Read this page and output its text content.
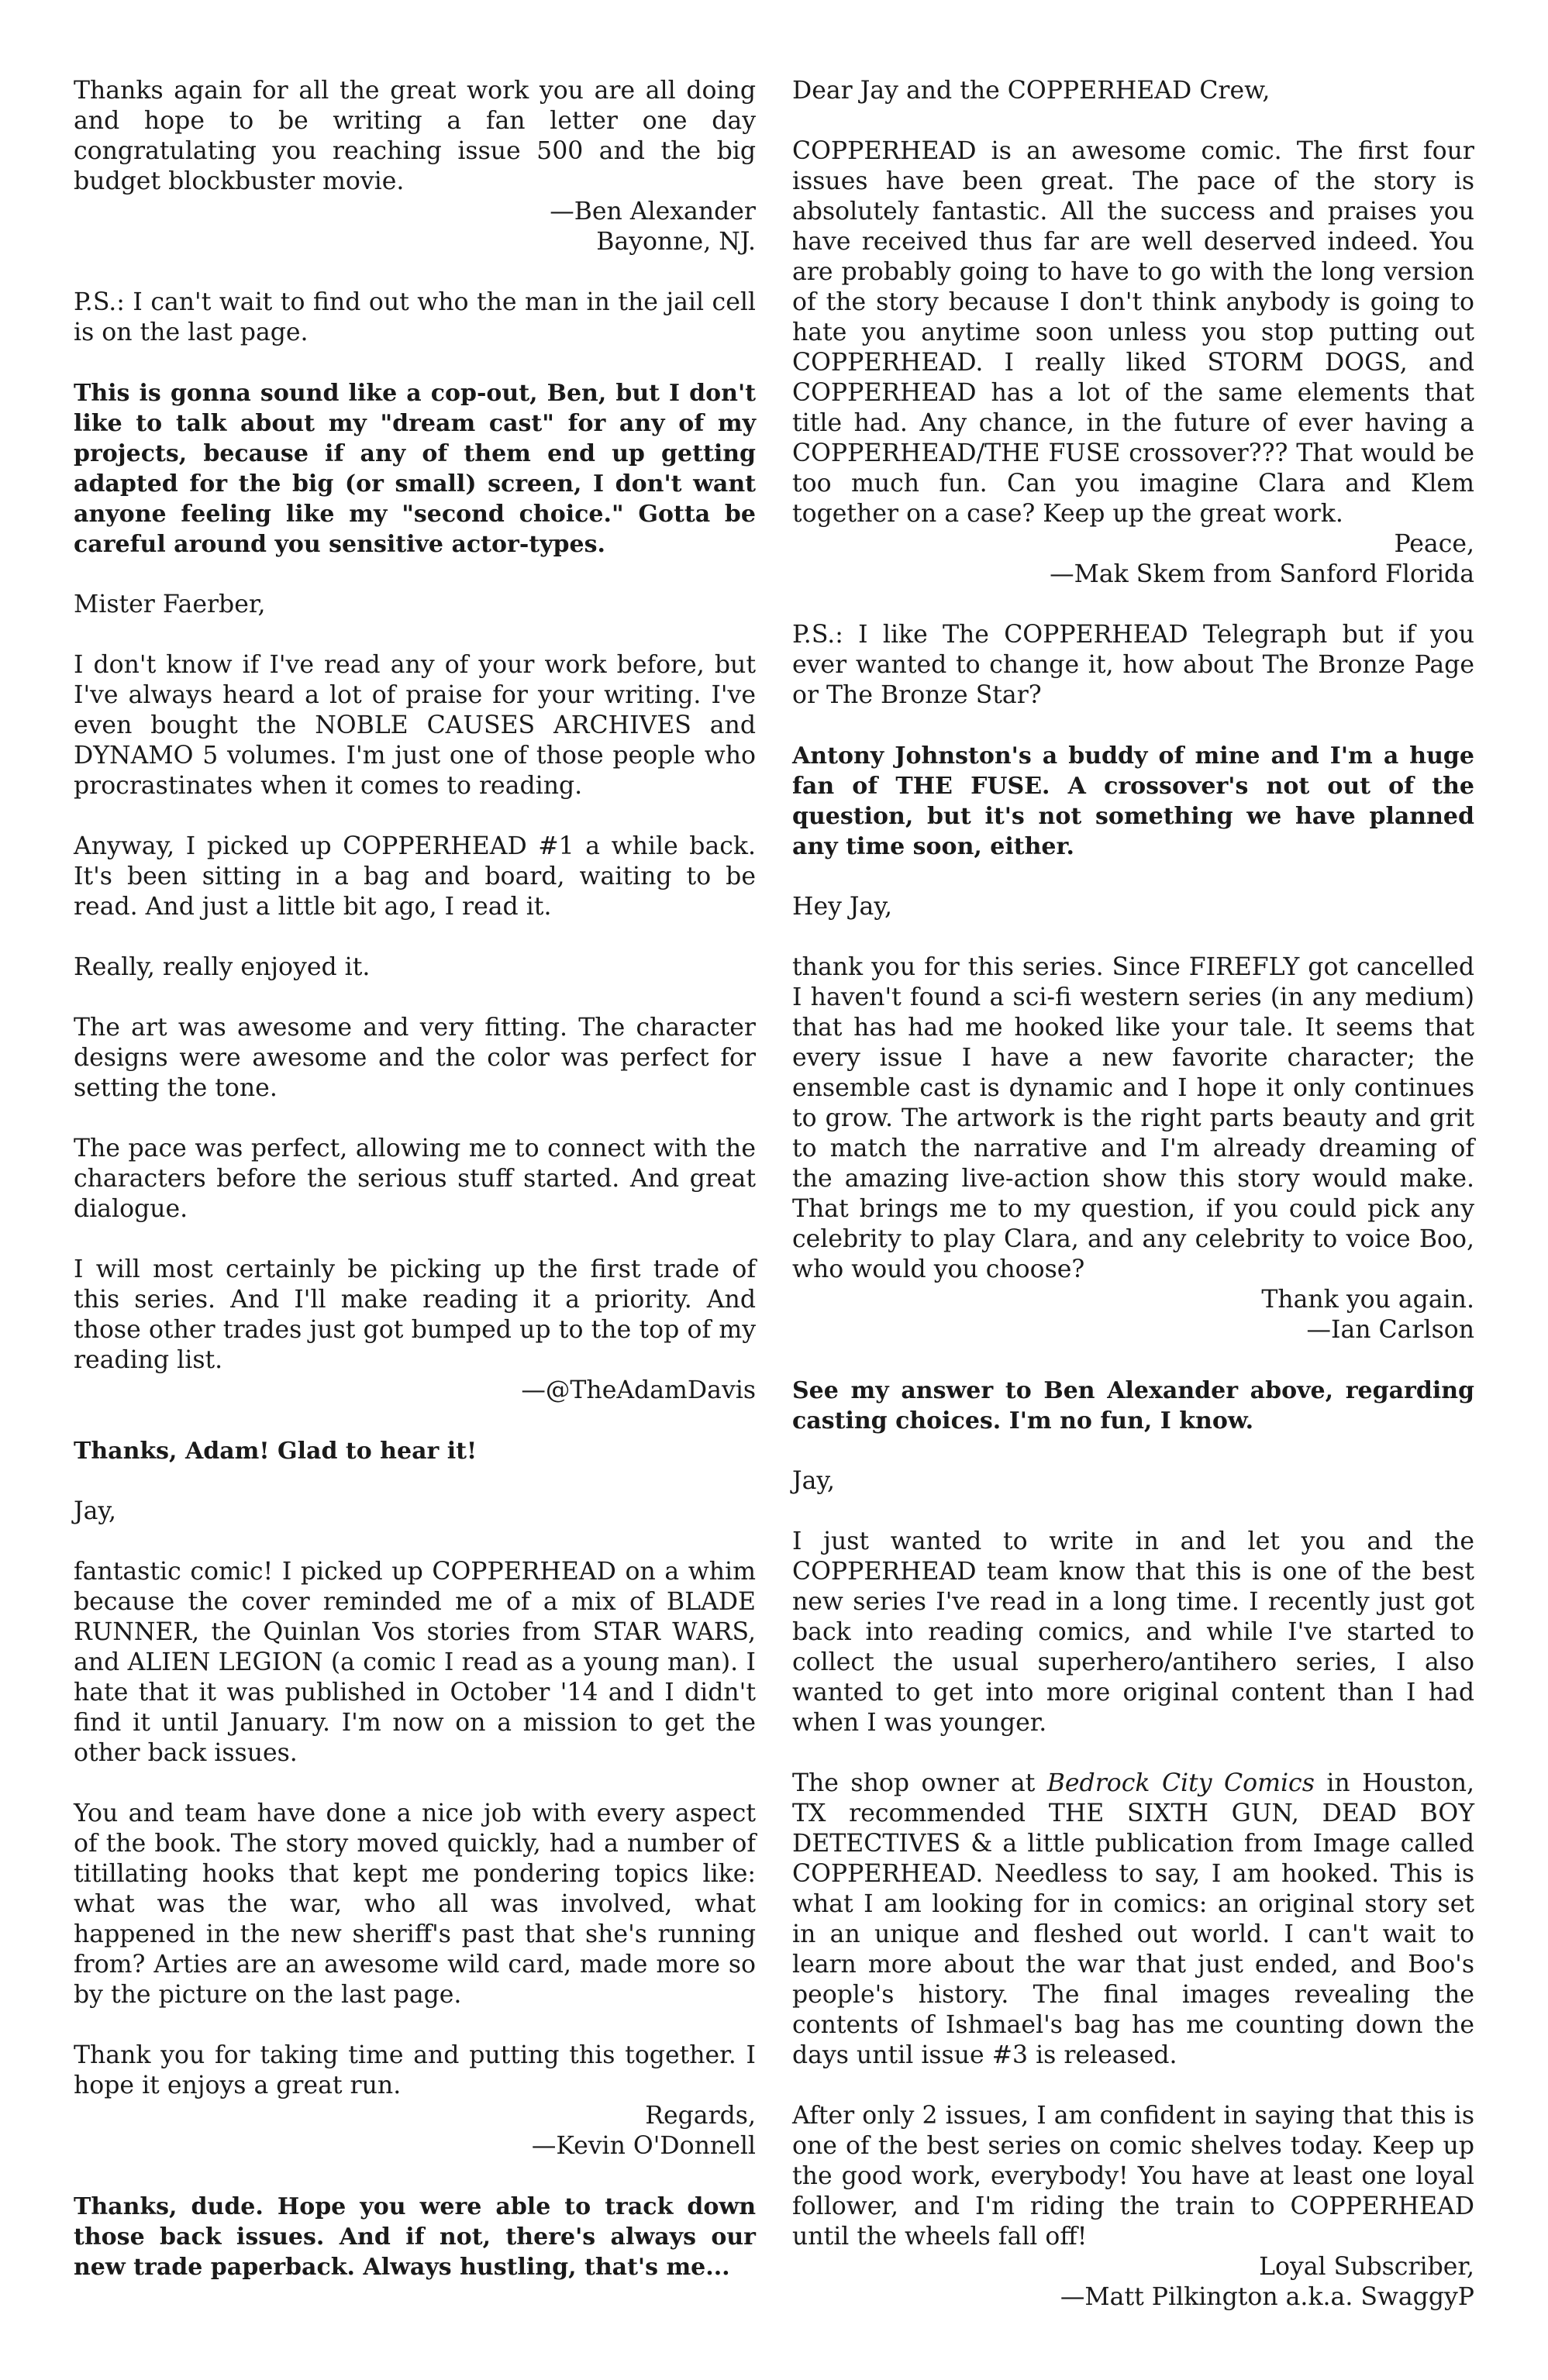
Thanks again for all the great work you are all doing and hope to be writing a fan letter one day congratulating you reaching issue 500 and the big budget blockbuster movie.

—Ben Alexander

Bayonne, NJ.

P.S.: I can't wait to find out who the man in the jail cell is on the last page.

This is gonna sound like a cop-out, Ben, but I don't like to talk about my "dream cast" for any of my projects, because if any of them end up getting adapted for the big (or small) screen, I don't want anyone feeling like my "second choice." Gotta be careful around you sensitive actor-types.

Mister Faerber,

I don't know if I've read any of your work before, but I've always heard a lot of praise for your writing. I've even bought the NOBLE CAUSES ARCHIVES and DYNAMO 5 volumes. I'm just one of those people who procrastinates when it comes to reading.

Anyway, I picked up COPPERHEAD #1 a while back. It's been sitting in a bag and board, waiting to be read. And just a little bit ago, I read it.

Really, really enjoyed it.

The art was awesome and very fitting. The character designs were awesome and the color was perfect for setting the tone.

The pace was perfect, allowing me to connect with the characters before the serious stuff started. And great dialogue.

I will most certainly be picking up the first trade of this series. And I'll make reading it a priority. And those other trades just got bumped up to the top of my reading list.

—@TheAdamDavis

Thanks, Adam! Glad to hear it!

Jay,

fantastic comic! I picked up COPPERHEAD on a whim because the cover reminded me of a mix of BLADE RUNNER, the Quinlan Vos stories from STAR WARS, and ALIEN LEGION (a comic I read as a young man). I hate that it was published in October '14 and I didn't find it until January. I'm now on a mission to get the other back issues.

You and team have done a nice job with every aspect of the book. The story moved quickly, had a number of titillating hooks that kept me pondering topics like: what was the war, who all was involved, what happened in the new sheriff's past that she's running from? Arties are an awesome wild card, made more so by the picture on the last page.

Thank you for taking time and putting this together. I hope it enjoys a great run.

Regards,

—Kevin O'Donnell

Thanks, dude. Hope you were able to track down those back issues. And if not, there's always our new trade paperback. Always hustling, that's me...

Dear Jay and the COPPERHEAD Crew,

COPPERHEAD is an awesome comic. The first four issues have been great. The pace of the story is absolutely fantastic. All the success and praises you have received thus far are well deserved indeed. You are probably going to have to go with the long version of the story because I don't think anybody is going to hate you anytime soon unless you stop putting out COPPERHEAD. I really liked STORM DOGS, and COPPERHEAD has a lot of the same elements that title had. Any chance, in the future of ever having a COPPERHEAD/THE FUSE crossover??? That would be too much fun. Can you imagine Clara and Klem together on a case? Keep up the great work.

Peace,

—Mak Skem from Sanford Florida

P.S.: I like The COPPERHEAD Telegraph but if you ever wanted to change it, how about The Bronze Page or The Bronze Star?

Antony Johnston's a buddy of mine and I'm a huge fan of THE FUSE. A crossover's not out of the question, but it's not something we have planned any time soon, either.

Hey Jay,

thank you for this series. Since FIREFLY got cancelled I haven't found a sci-fi western series (in any medium) that has had me hooked like your tale. It seems that every issue I have a new favorite character; the ensemble cast is dynamic and I hope it only continues to grow. The artwork is the right parts beauty and grit to match the narrative and I'm already dreaming of the amazing live-action show this story would make. That brings me to my question, if you could pick any celebrity to play Clara, and any celebrity to voice Boo, who would you choose?

Thank you again.

—Ian Carlson

See my answer to Ben Alexander above, regarding casting choices. I'm no fun, I know.

Jay,

I just wanted to write in and let you and the COPPERHEAD team know that this is one of the best new series I've read in a long time. I recently just got back into reading comics, and while I've started to collect the usual superhero/antihero series, I also wanted to get into more original content than I had when I was younger.

The shop owner at Bedrock City Comics in Houston, TX recommended THE SIXTH GUN, DEAD BOY DETECTIVES & a little publication from Image called COPPERHEAD. Needless to say, I am hooked. This is what I am looking for in comics: an original story set in an unique and fleshed out world. I can't wait to learn more about the war that just ended, and Boo's people's history. The final images revealing the contents of Ishmael's bag has me counting down the days until issue #3 is released.

After only 2 issues, I am confident in saying that this is one of the best series on comic shelves today. Keep up the good work, everybody! You have at least one loyal follower, and I'm riding the train to COPPERHEAD until the wheels fall off!

Loyal Subscriber,

—Matt Pilkington a.k.a. SwaggyP
